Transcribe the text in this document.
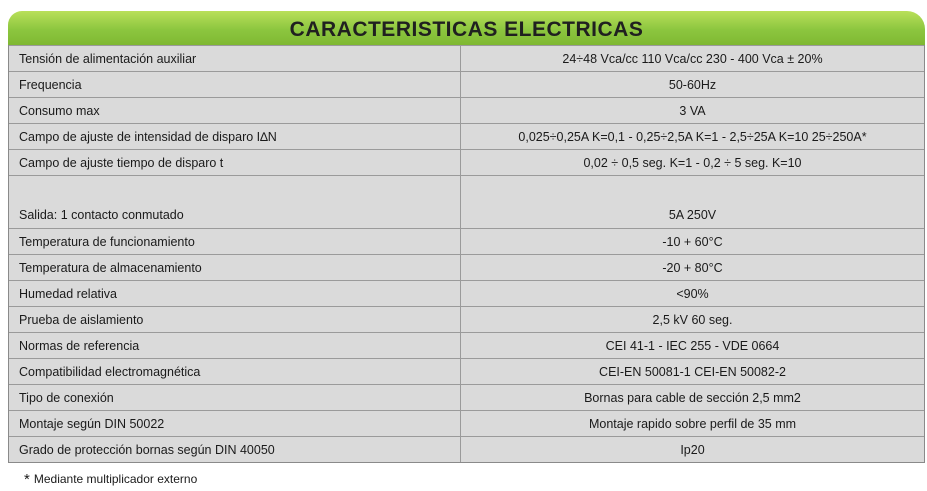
CARACTERISTICAS ELECTRICAS
Tensión de alimentación auxiliar	24÷48 Vca/cc 110 Vca/cc 230 - 400 Vca ± 20%
Frequencia	50-60Hz
Consumo max	3 VA
Campo de ajuste de intensidad de disparo I∆N	0,025÷0,25A K=0,1 - 0,25÷2,5A K=1 - 2,5÷25A K=10 25÷250A*
Campo de ajuste tiempo de disparo t	0,02 ÷ 0,5 seg. K=1 - 0,2 ÷ 5 seg. K=10
Salida: 1 contacto conmutado	5A 250V
Temperatura de funcionamiento	-10 + 60°C
Temperatura de almacenamiento	-20 + 80°C
Humedad relativa	<90%
Prueba de aislamiento	2,5 kV 60 seg.
Normas de referencia	CEI 41-1 - IEC 255 - VDE 0664
Compatibilidad electromagnética	CEI-EN 50081-1 CEI-EN 50082-2
Tipo de conexión	Bornas para cable de sección 2,5 mm2
Montaje según DIN 50022	Montaje rapido sobre perfil de 35 mm
Grado de protección bornas según DIN 40050	Ip20
* Mediante multiplicador externo
